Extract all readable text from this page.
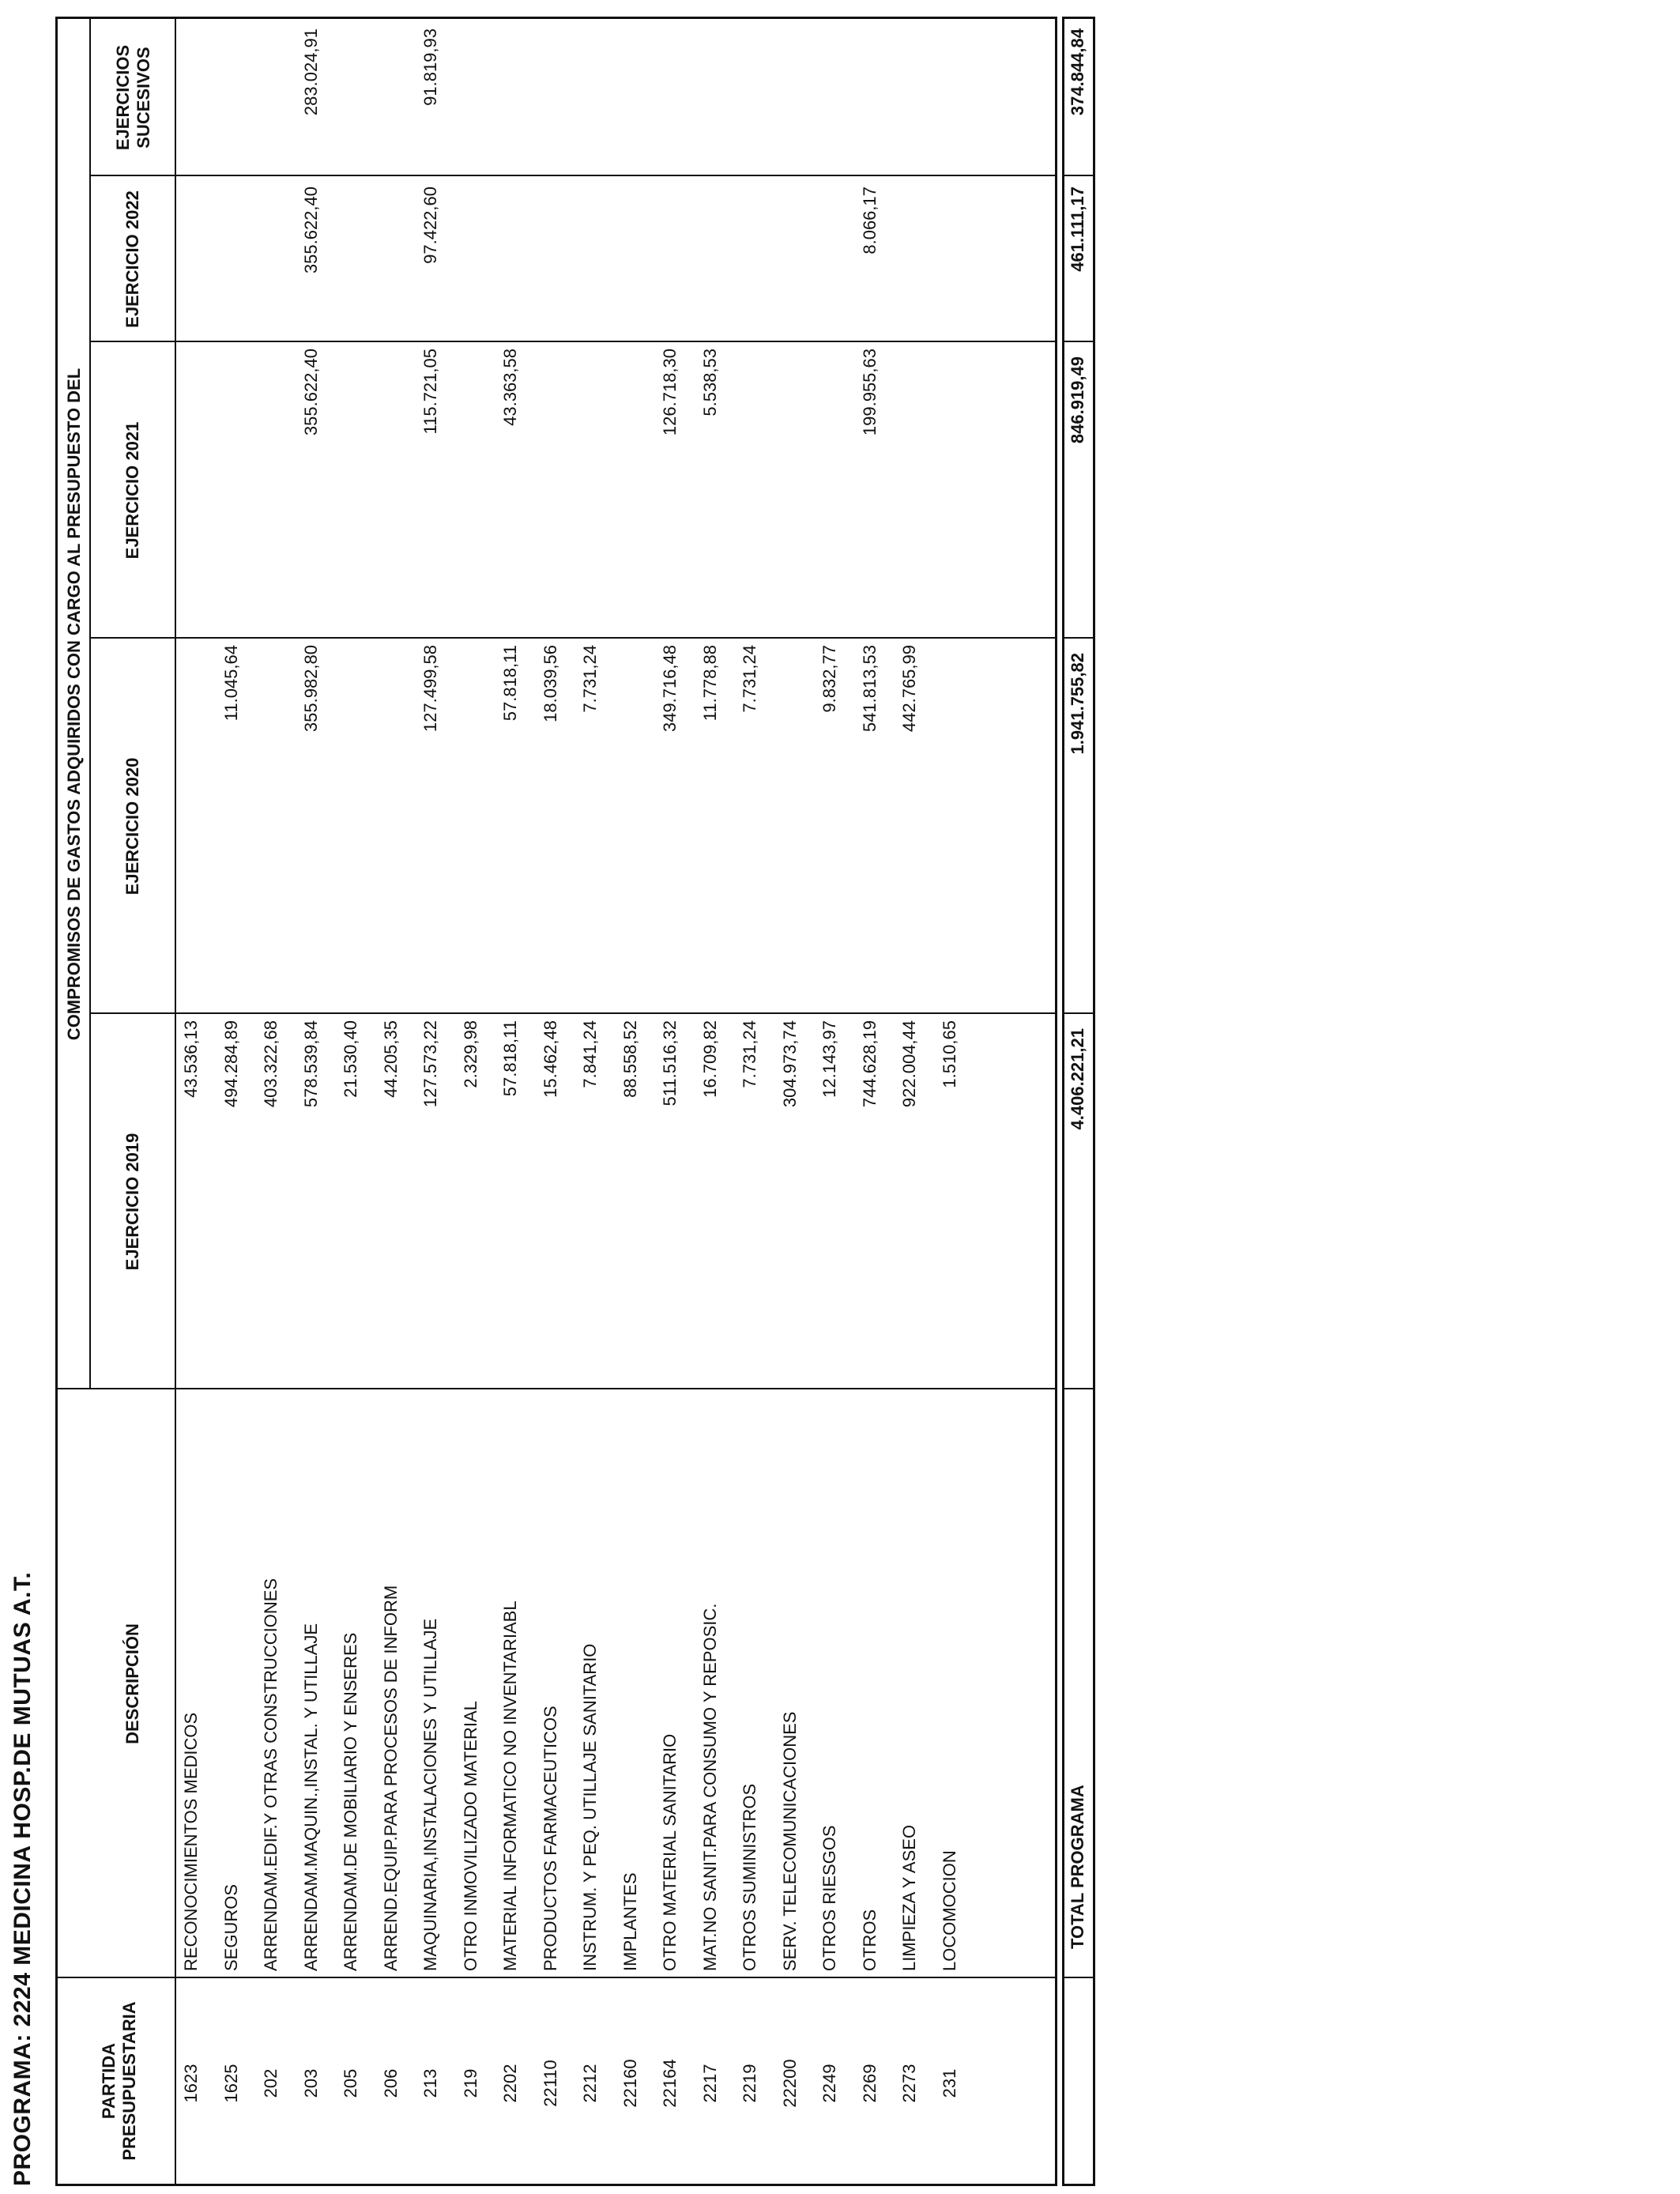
PROGRAMA: 2224 MEDICINA HOSP.DE MUTUAS A.T.	PARTIDA PRESUPUESTARIA
DESCRIPCIÓN
COMPROMISOS DE GASTOS ADQUIRIDOS CON CARGO AL PRESUPUESTO DEL
EJERCICIO 2019
EJERCICIO 2020
EJERCICIO 2021
EJERCICIO 2022
EJERCICIOS SUCESIVOS
1623
RECONOCIMIENTOS MEDICOS
43.536,13
1625
SEGUROS
494.284,89
11.045,64
202
ARRENDAM.EDIF.Y OTRAS CONSTRUCCIONES
403.322,68
203
ARRENDAM.MAQUIN.,INSTAL. Y UTILLAJE
578.539,84
355.982,80
355.622,40
355.622,40
283.024,91
205
ARRENDAM.DE MOBILIARIO Y ENSERES
21.530,40
206
ARREND.EQUIP.PARA PROCESOS DE INFORM
44.205,35
213
MAQUINARIA,INSTALACIONES Y UTILLAJE
127.573,22
127.499,58
115.721,05
97.422,60
91.819,93
219
OTRO INMOVILIZADO MATERIAL
2.329,98
2202
MATERIAL INFORMATICO NO INVENTARIABL
57.818,11
57.818,11
43.363,58
22110
PRODUCTOS FARMACEUTICOS
15.462,48
18.039,56
2212
INSTRUM. Y PEQ. UTILLAJE SANITARIO
7.841,24
7.731,24
22160
IMPLANTES
88.558,52
22164
OTRO MATERIAL SANITARIO
511.516,32
349.716,48
126.718,30
2217
MAT.NO SANIT.PARA CONSUMO Y REPOSIC.
16.709,82
11.778,88
5.538,53
2219
OTROS SUMINISTROS
7.731,24
7.731,24
22200
SERV. TELECOMUNICACIONES
304.973,74
2249
OTROS RIESGOS
12.143,97
9.832,77
2269
OTROS
744.628,19
541.813,53
199.955,63
8.066,17
2273
LIMPIEZA Y ASEO
922.004,44
442.765,99
231
LOCOMOCION
1.510,65
TOTAL PROGRAMA
4.406.221,21
1.941.755,82
846.919,49
461.111,17
374.844,84
